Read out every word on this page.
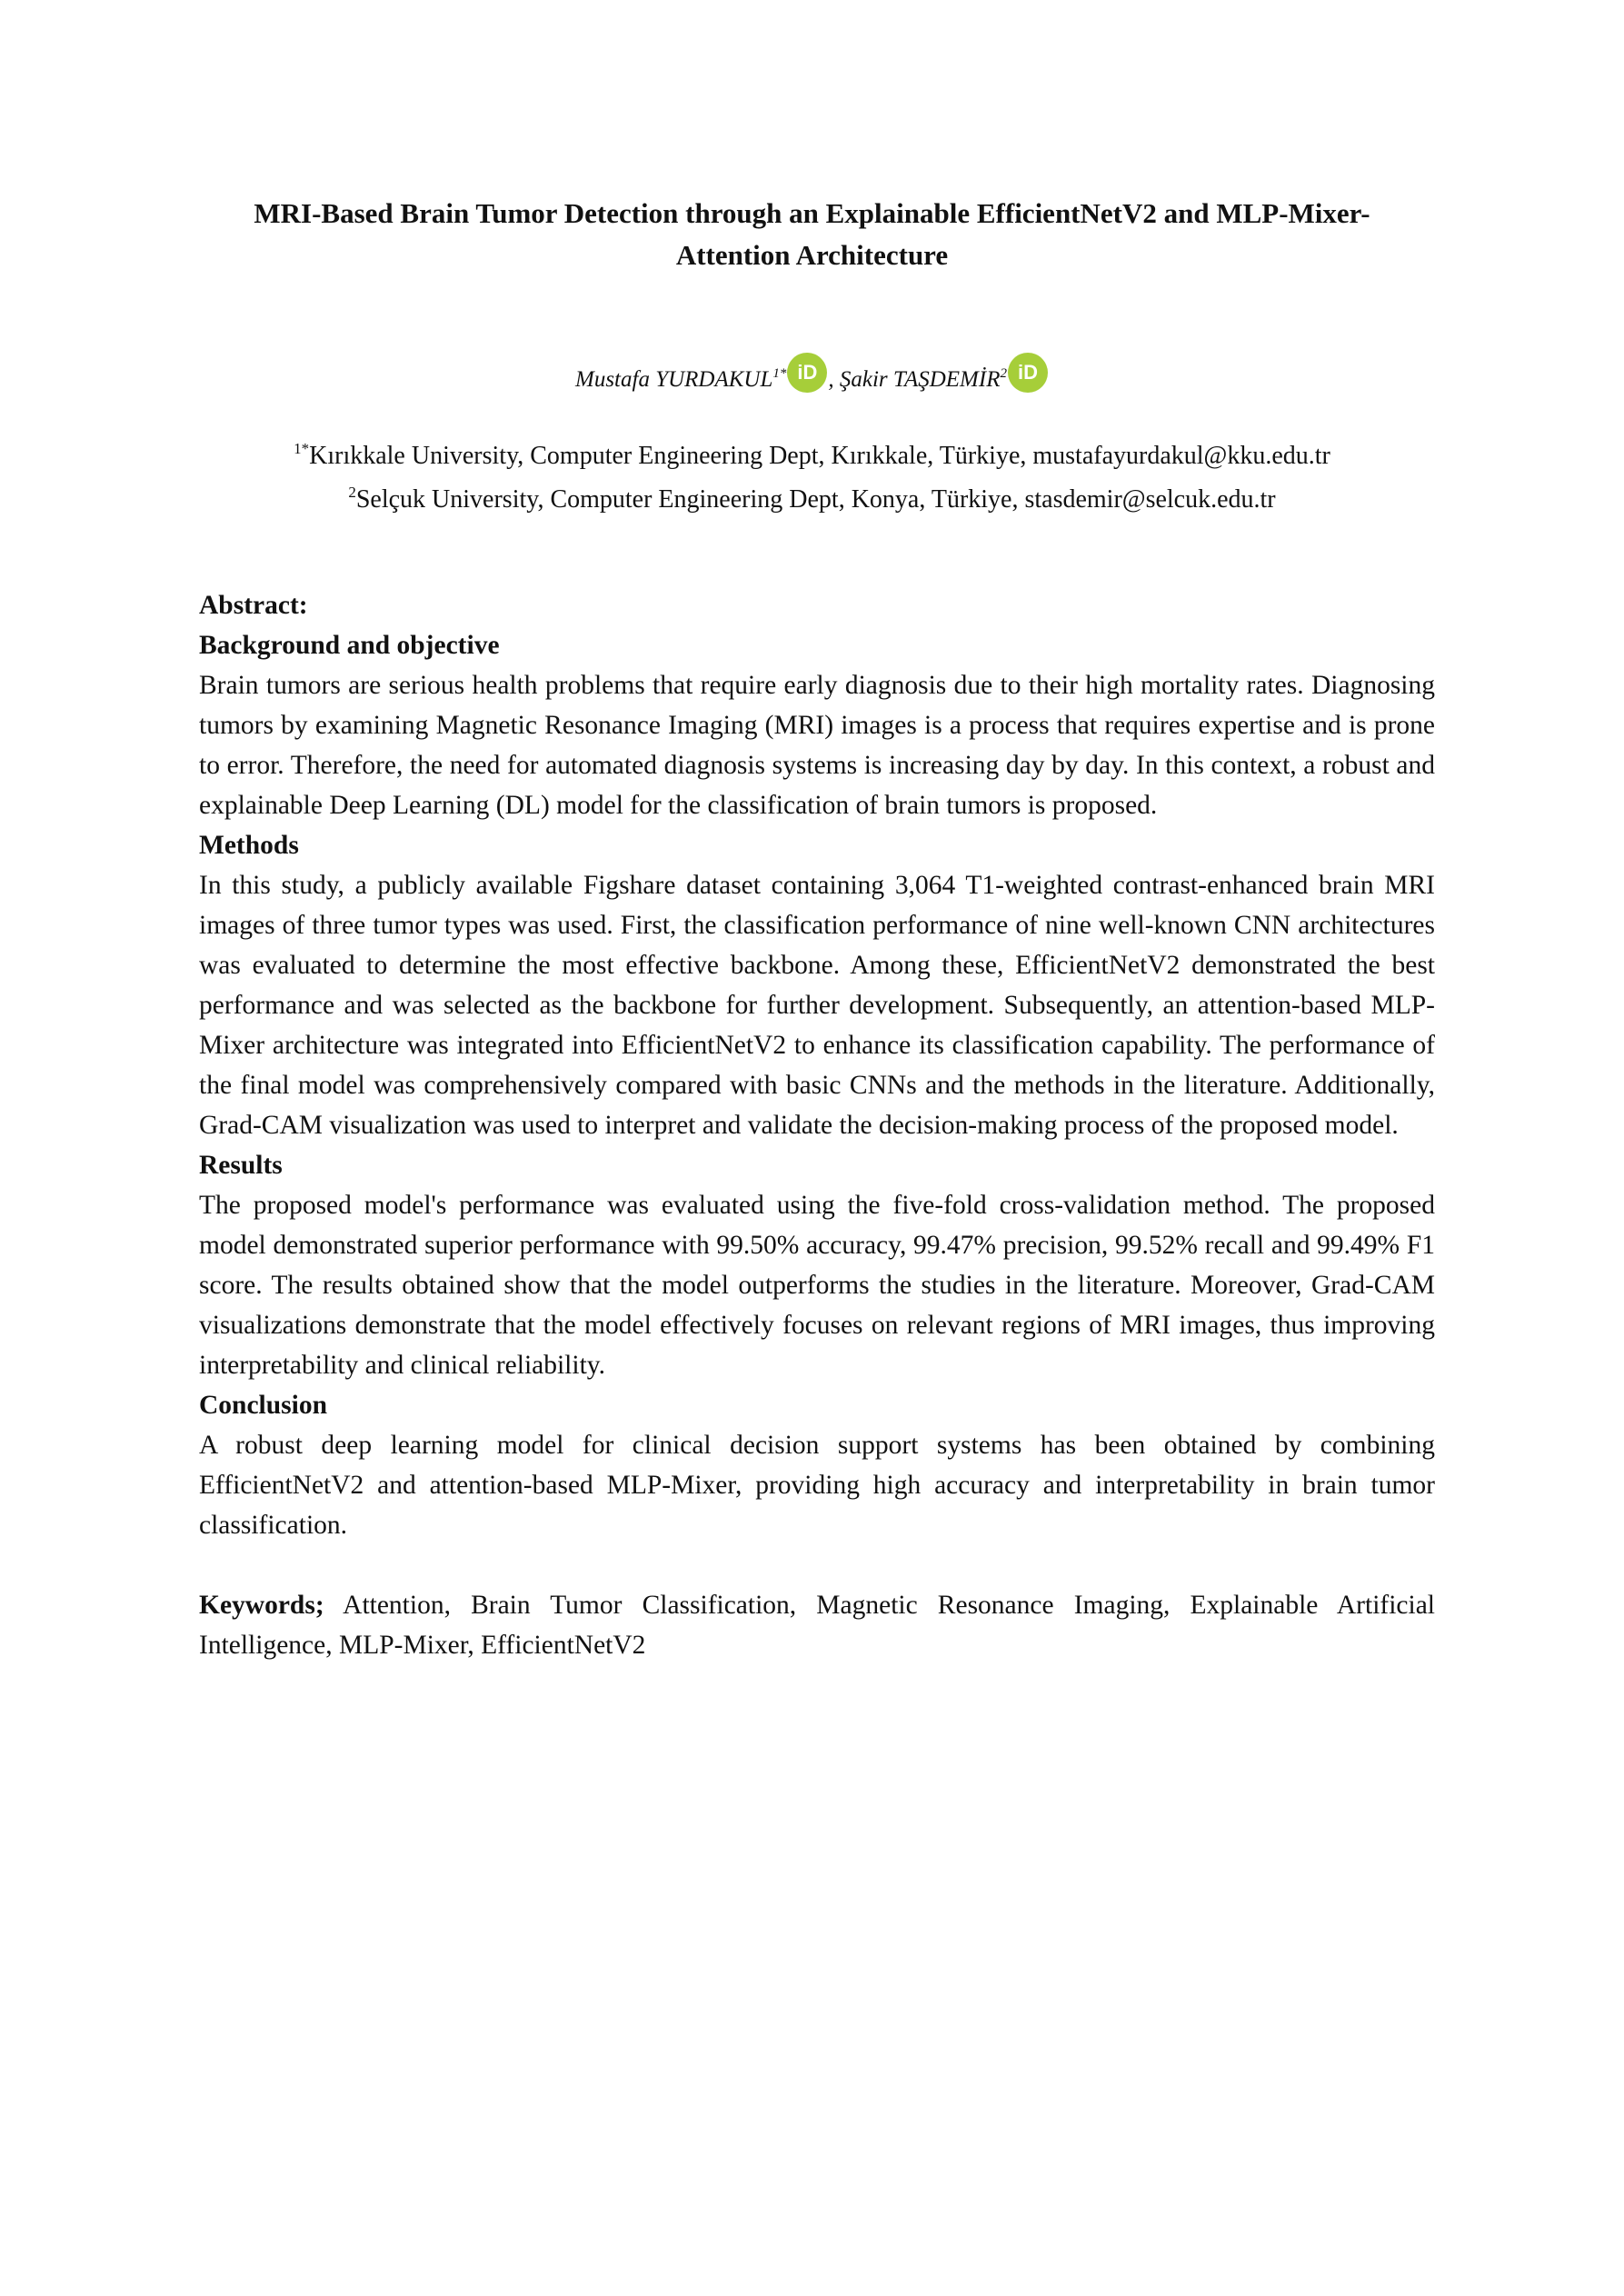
MRI-Based Brain Tumor Detection through an Explainable EfficientNetV2 and MLP-Mixer-
Attention Architecture
Mustafa $YURDAKUL^{1*}$ iD , Şakir TAŞDEMİR$^2$ iD
$^{1*}$Kırıkkale University, Computer Engineering Dept, Kırıkkale, Türkiye, mustafayurdakul@kku.edu.tr
$^2$Selçuk University, Computer Engineering Dept, Konya, Türkiye, stasdemir@selcuk.edu.tr
Abstract:
Background and objective

Brain tumors are serious health problems that require early diagnosis due to their high mortality rates. Diagnosing tumors by examining Magnetic Resonance Imaging (MRI) images is a process that requires expertise and is prone to error. Therefore, the need for automated diagnosis systems is increasing day by day. In this context, a robust and explainable Deep Learning (DL) model for the classification of brain tumors is proposed.

Methods

In this study, a publicly available Figshare dataset containing 3,064 T1-weighted contrast-enhanced brain MRI images of three tumor types was used. First, the classification performance of nine well-known CNN architectures was evaluated to determine the most effective backbone. Among these, EfficientNetV2 demonstrated the best performance and was selected as the backbone for further development. Subsequently, an attention-based MLP-Mixer architecture was integrated into EfficientNetV2 to enhance its classification capability. The performance of the final model was comprehensively compared with basic CNNs and the methods in the literature. Additionally, Grad-CAM visualization was used to interpret and validate the decision-making process of the proposed model.

Results

The proposed model's performance was evaluated using the five-fold cross-validation method. The proposed model demonstrated superior performance with 99.50% accuracy, 99.47% precision, 99.52% recall and 99.49% F1 score. The results obtained show that the model outperforms the studies in the literature. Moreover, Grad-CAM visualizations demonstrate that the model effectively focuses on relevant regions of MRI images, thus improving interpretability and clinical reliability.

Conclusion

A robust deep learning model for clinical decision support systems has been obtained by combining EfficientNetV2 and attention-based MLP-Mixer, providing high accuracy and interpretability in brain tumor classification.

Keywords; Attention, Brain Tumor Classification, Magnetic Resonance Imaging, Explainable Artificial Intelligence, MLP-Mixer, EfficientNetV2
